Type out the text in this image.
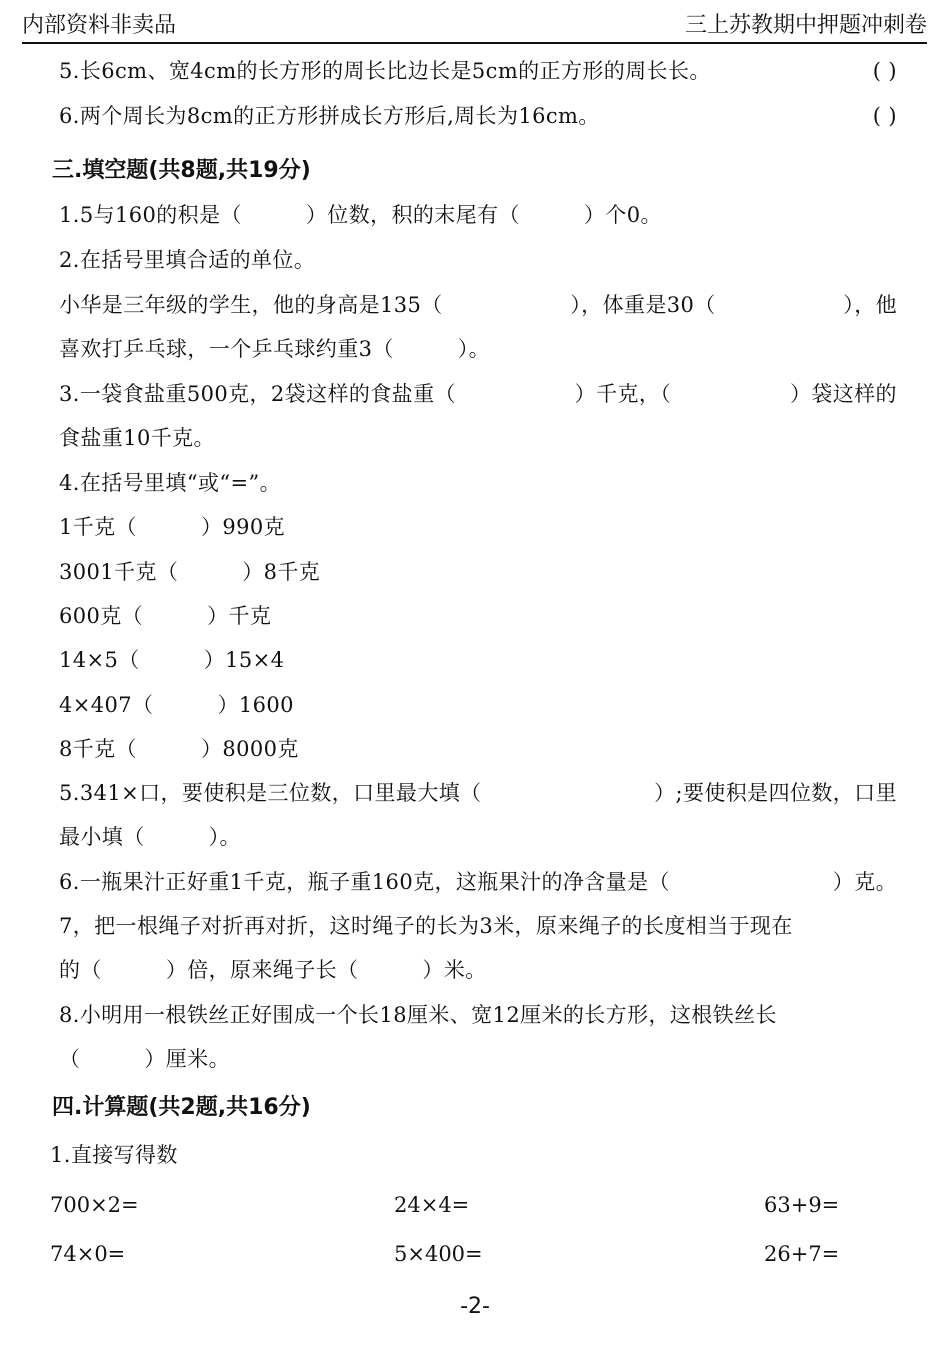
内部资料非卖品	三上苏教期中押题冲刺卷
5.长6cm、宽4cm的长方形的周长比边长是5cm的正方形的周长长。	( )
6.两个周长为8cm的正方形拼成长方形后,周长为16cm。	( )
三.填空题(共8题,共19分)
1.5与160的积是（	）位数，积的末尾有（	）个0。
2.在括号里填合适的单位。
小华是三年级的学生，他的身高是135（	），体重是30（	），他
喜欢打乒乓球，一个乒乓球约重3（	）。
3.一袋食盐重500克，2袋这样的食盐重（	）千克，（	）袋这样的
食盐重10千克。
4.在括号里填“或“=”。
1千克（	）990克
3001千克（	）8千克
600克（	）千克
14×5（	）15×4
4×407（	）1600
8千克（	）8000克
5.341×口，要使积是三位数，口里最大填（	）;要使积是四位数，口里
最小填（	）。
6.一瓶果汁正好重1千克，瓶子重160克，这瓶果汁的净含量是（	）克。
7，把一根绳子对折再对折，这时绳子的长为3米，原来绳子的长度相当于现在
的（	）倍，原来绳子长（	）米。
8.小明用一根铁丝正好围成一个长18厘米、宽12厘米的长方形，这根铁丝长
（	）厘米。
四.计算题(共2题,共16分)
1.直接写得数
700×2=	24×4=	63+9=
74×0=	5×400=	26+7=
-2-
